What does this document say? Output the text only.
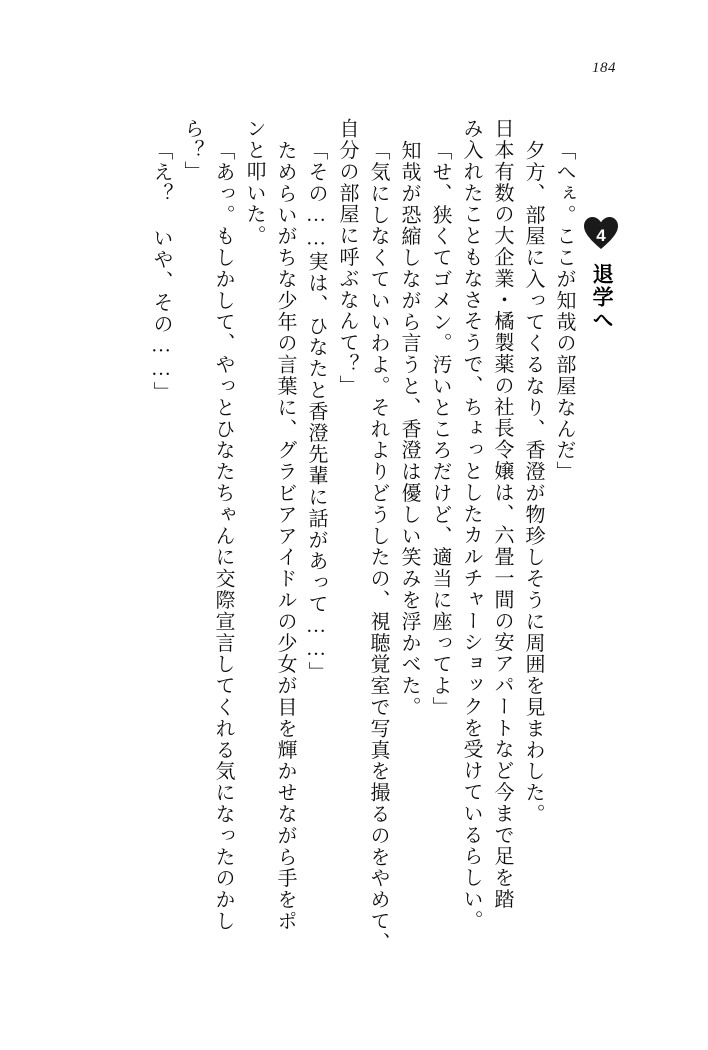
184
4
退学へ
「へぇ。ここが知哉の部屋なんだ」
夕方、部屋に入ってくるなり、香澄が物珍しそうに周囲を見まわした。
日本有数の大企業・橘製薬の社長令嬢は、六畳一間の安アパートなど今まで足を踏
み入れたこともなさそうで、ちょっとしたカルチャーショックを受けているらしい。
「せ、狭くてゴメン。汚いところだけど、適当に座ってよ」
知哉が恐縮しながら言うと、香澄は優しい笑みを浮かべた。
「気にしなくていいわよ。それよりどうしたの、視聴覚室で写真を撮るのをやめて、
自分の部屋に呼ぶなんて？」
「その……実は、ひなたと香澄先輩に話があって……」
ためらいがちな少年の言葉に、グラビアアイドルの少女が目を輝かせながら手をポ
ンと叩いた。
「あっ。もしかして、やっとひなたちゃんに交際宣言してくれる気になったのかし
ら？」
「え？ いや、その……」
